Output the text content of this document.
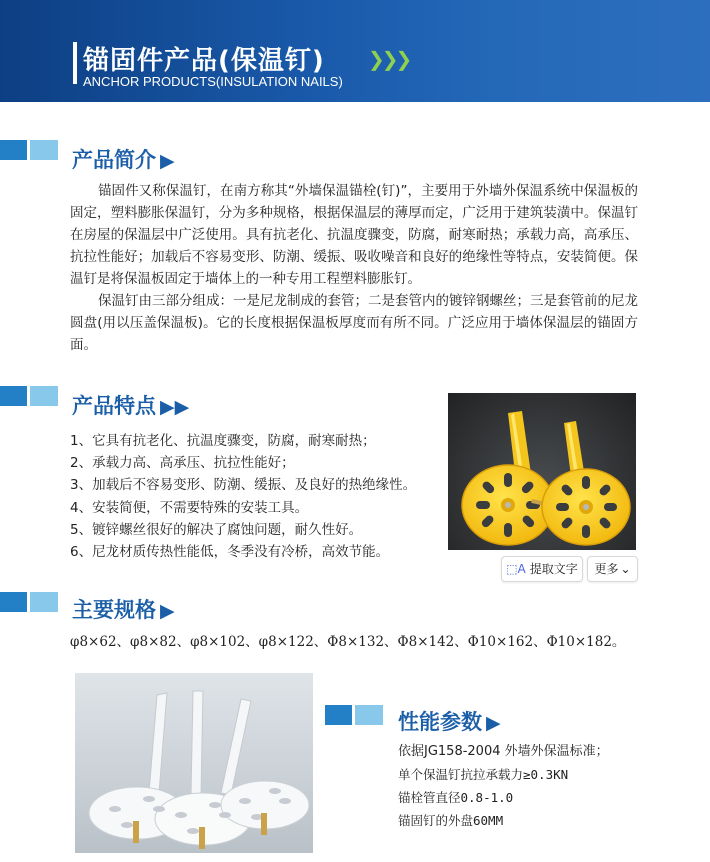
锚固件产品(保温钉) ❯❯❯
ANCHOR PRODUCTS(INSULATION NAILS)
产品简介 ▶

锚固件又称保温钉，在南方称其“外墙保温锚栓(钉)”，主要用于外墙外保温系统中保温板的固定，塑料膨胀保温钉，分为多种规格，根据保温层的薄厚而定，广泛用于建筑装潢中。保温钉在房屋的保温层中广泛使用。具有抗老化、抗温度骤变，防腐，耐寒耐热；承载力高，高承压、抗拉性能好；加载后不容易变形、防潮、缓振、吸收噪音和良好的绝缘性等特点，安装简便。保温钉是将保温板固定于墙体上的一种专用工程塑料膨胀钉。

保温钉由三部分组成：一是尼龙制成的套管；二是套管内的镀锌钢螺丝；三是套管前的尼龙圆盘(用以压盖保温板)。它的长度根据保温板厚度而有所不同。广泛应用于墙体保温层的锚固方面。

产品特点 ▶▶
1、它具有抗老化、抗温度骤变，防腐，耐寒耐热；
2、承载力高、高承压、抗拉性能好；
3、加载后不容易变形、防潮、缓振、及良好的热绝缘性。
4、安装简便，不需要特殊的安装工具。
5、镀锌螺丝很好的解决了腐蚀问题，耐久性好。
6、尼龙材质传热性能低，冬季没有冷桥，高效节能。
⬚A 提取文字	更多 ⌄
主要规格 ▶
φ8×62、φ8×82、φ8×102、φ8×122、Φ8×132、Φ8×142、Φ10×162、Φ10×182。
性能参数 ▶
依据JG158-2004 外墙外保温标准；
单个保温钉抗拉承载力≥0.3KN
锚栓管直径0.8-1.0
锚固钉的外盘60MM
